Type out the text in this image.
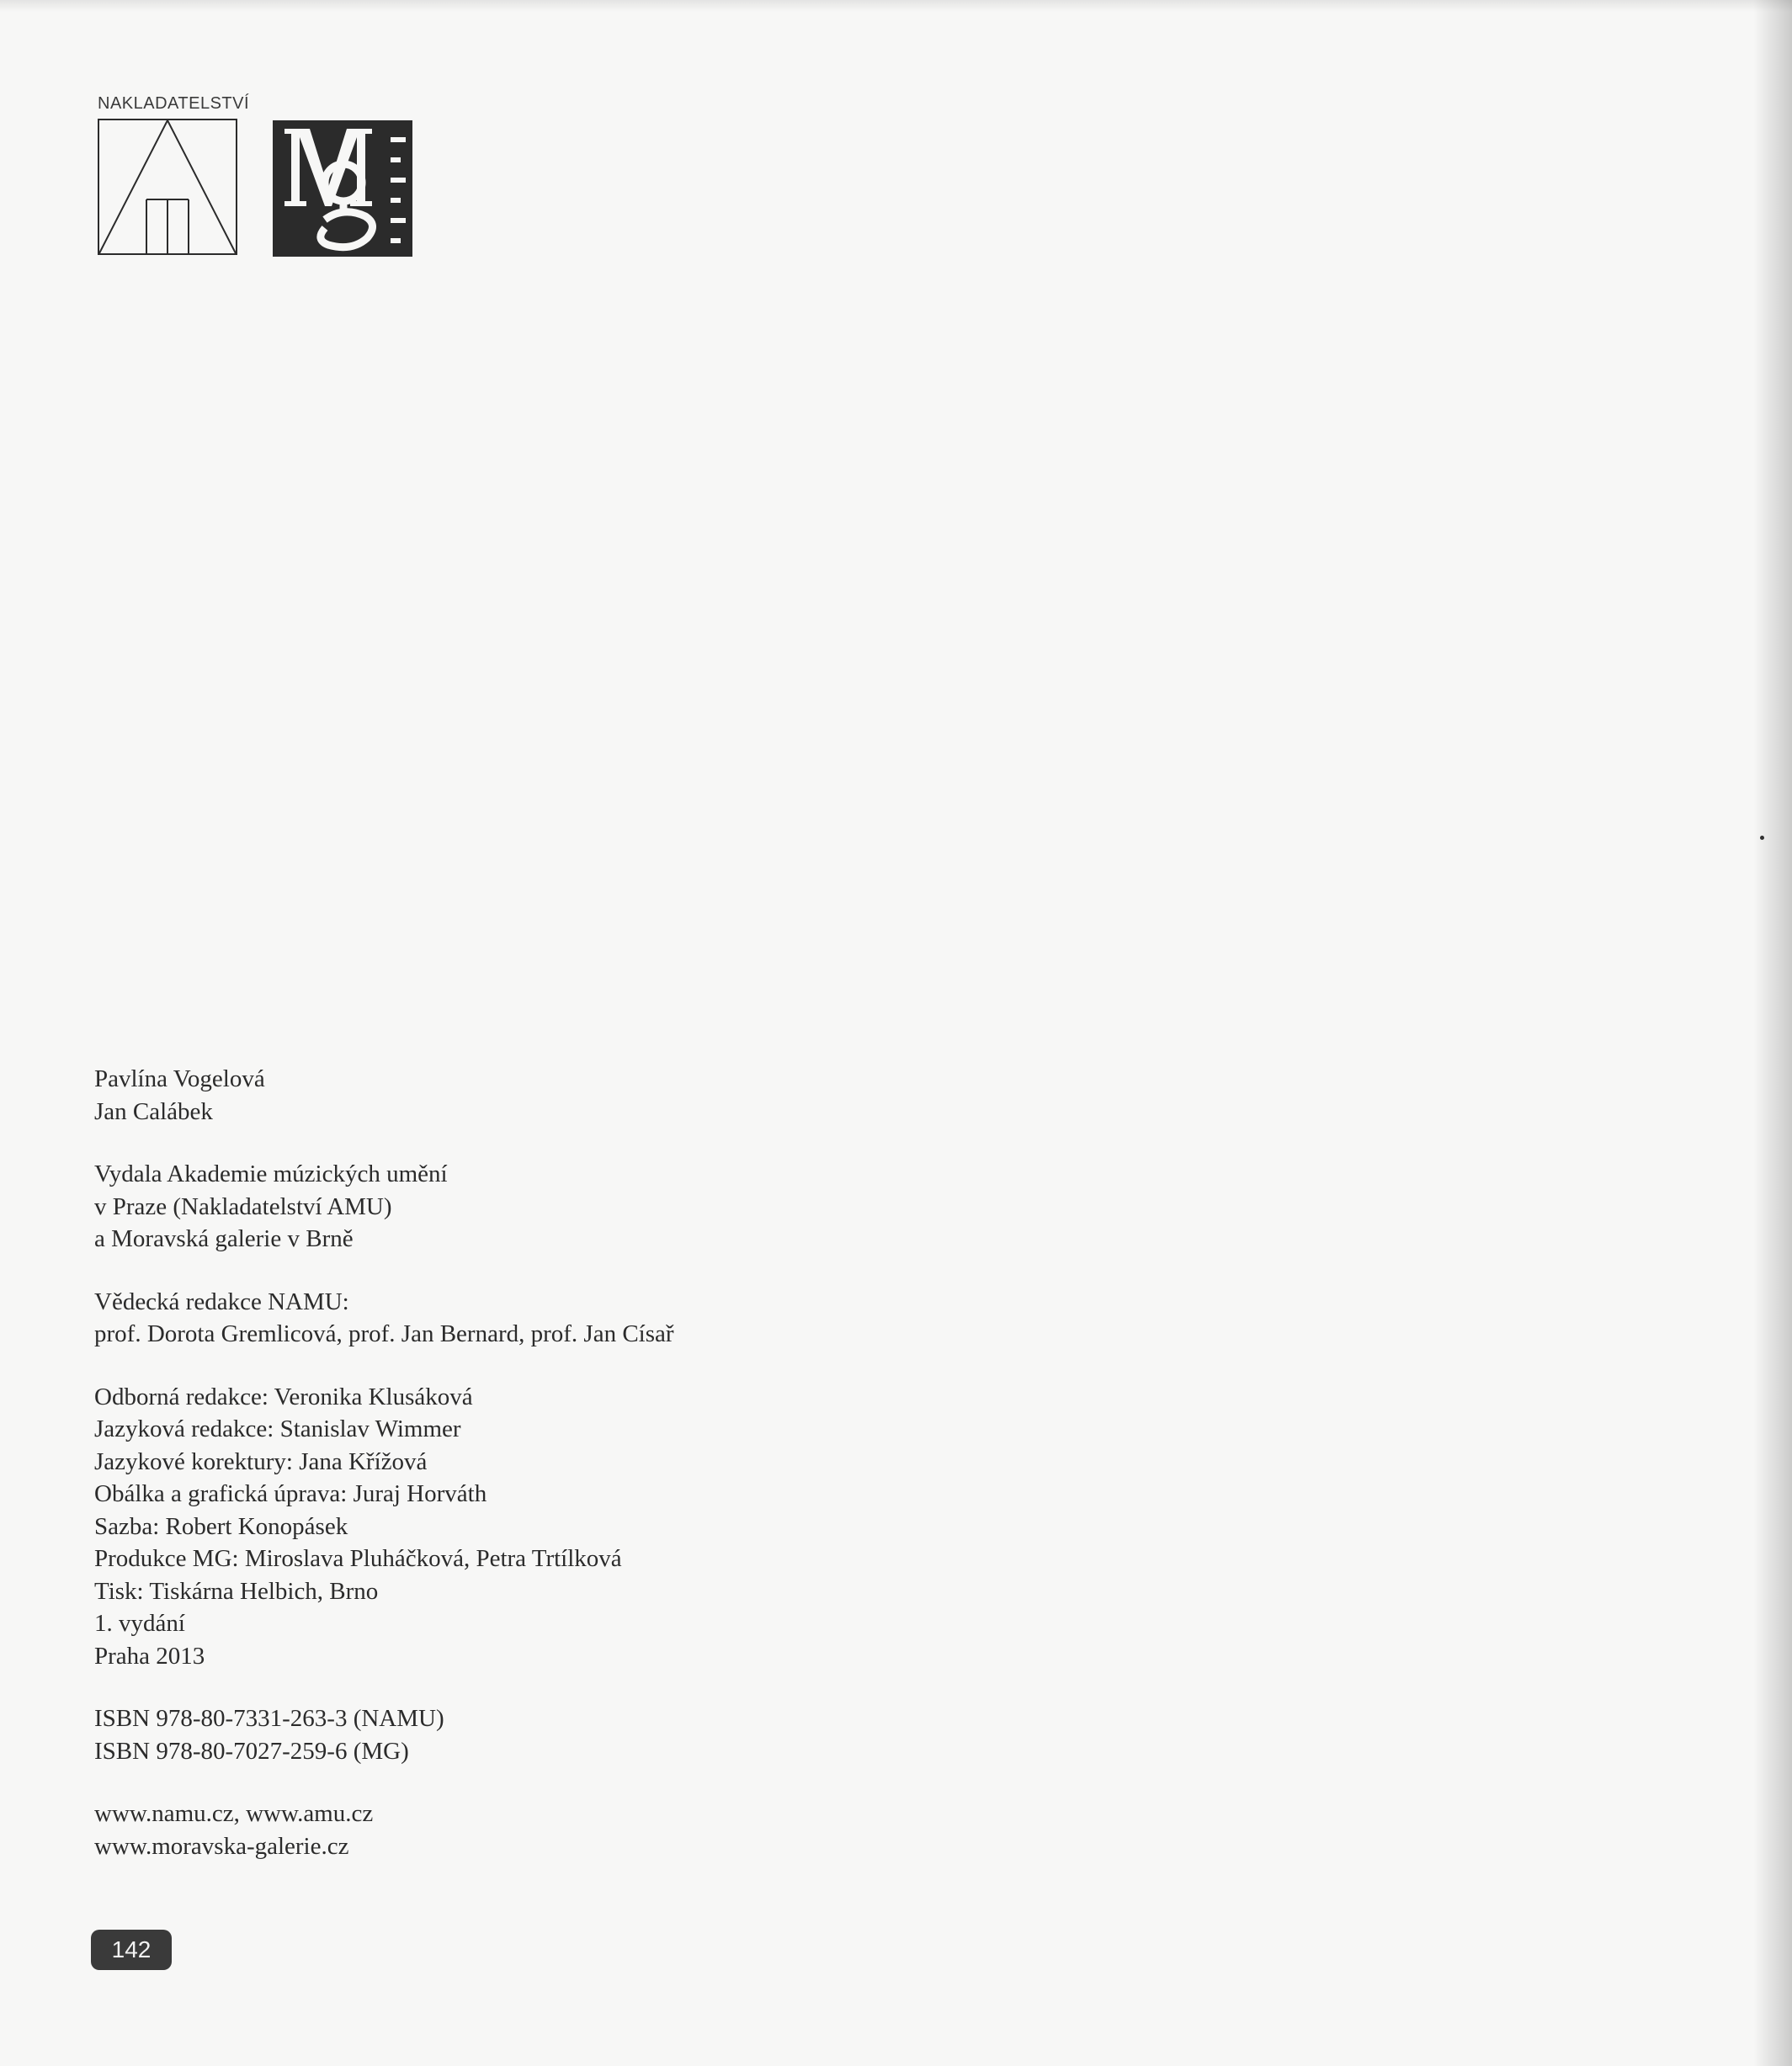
NAKLADATELSTVÍ
Pavlína Vogelová
Jan Calábek
Vydala Akademie múzických umění
v Praze (Nakladatelství AMU)
a Moravská galerie v Brně
Vědecká redakce NAMU:
prof. Dorota Gremlicová, prof. Jan Bernard, prof. Jan Císař
Odborná redakce: Veronika Klusáková
Jazyková redakce: Stanislav Wimmer
Jazykové korektury: Jana Křížová
Obálka a grafická úprava: Juraj Horváth
Sazba: Robert Konopásek
Produkce MG: Miroslava Pluháčková, Petra Trtílková
Tisk: Tiskárna Helbich, Brno
1. vydání
Praha 2013
ISBN 978-80-7331-263-3 (NAMU)
ISBN 978-80-7027-259-6 (MG)
www.namu.cz, www.amu.cz
www.moravska-galerie.cz
142
